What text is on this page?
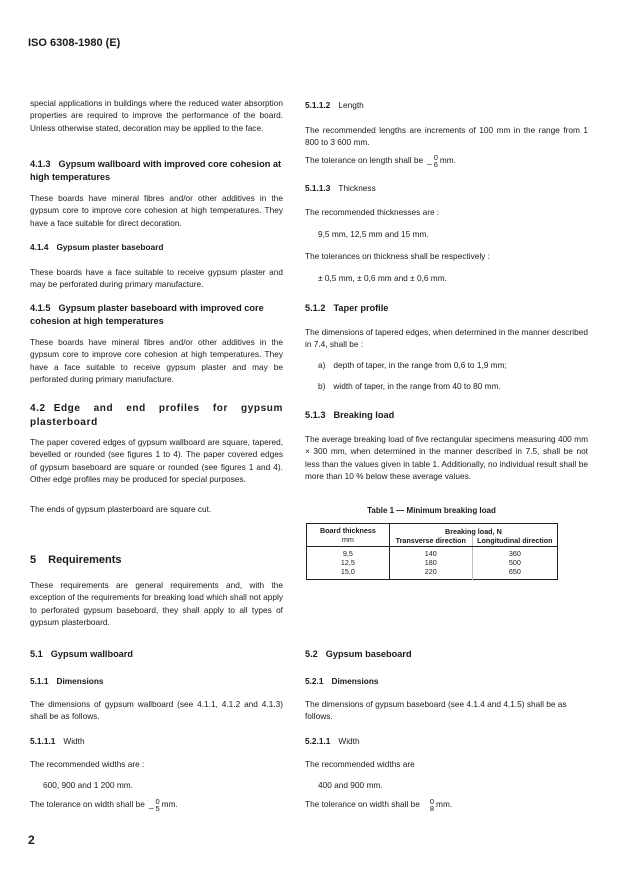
ISO 6308-1980 (E)
special applications in buildings where the reduced water absorption properties are required to improve the performance of the board. Unless otherwise stated, decoration may be applied to the face.
4.1.3 Gypsum wallboard with improved core cohesion at high temperatures
These boards have mineral fibres and/or other additives in the gypsum core to improve core cohesion at high temperatures. They have a face suitable for direct decoration.
4.1.4 Gypsum plaster baseboard
These boards have a face suitable to receive gypsum plaster and may be perforated during primary manufacture.
4.1.5 Gypsum plaster baseboard with improved core cohesion at high temperatures
These boards have mineral fibres and/or other additives in the gypsum core to improve core cohesion at high temperatures. They have a face suitable to receive gypsum plaster and may be perforated during primary manufacture.
4.2 Edge and end profiles for gypsum plasterboard
The paper covered edges of gypsum wallboard are square, tapered, bevelled or rounded (see figures 1 to 4). The paper covered edges of gypsum baseboard are square or rounded (see figures 1 and 4). Other edge profiles may be produced for special purposes.
The ends of gypsum plasterboard are square cut.
5 Requirements
These requirements are general requirements and, with the exception of the requirements for breaking load which shall not apply to perforated gypsum baseboard, they shall apply to all types of gypsum plasterboard.
5.1 Gypsum wallboard
5.1.1 Dimensions
The dimensions of gypsum wallboard (see 4.1.1, 4.1.2 and 4.1.3) shall be as follows.
5.1.1.1 Width
The recommended widths are :
600, 900 and 1 200 mm.
The tolerance on width shall be _ 0
5 mm.
2
5.1.1.2 Length
The recommended lengths are increments of 100 mm in the range from 1 800 to 3 600 mm.
The tolerance on length shall be _ 0
6 mm.
5.1.1.3 Thickness
The recommended thicknesses are :
9,5 mm, 12,5 mm and 15 mm.
The tolerances on thickness shall be respectively :
± 0,5 mm, ± 0,6 mm and ± 0,6 mm.
5.1.2 Taper profile
The dimensions of tapered edges, when determined in the manner described in 7.4, shall be :
a) depth of taper, in the range from 0,6 to 1,9 mm;
b) width of taper, in the range from 40 to 80 mm.
5.1.3 Breaking load
The average breaking load of five rectangular specimens measuring 400 mm × 300 mm, when determined in the manner described in 7.5, shall be not less than the values given in table 1. Additionally, no individual result shall be more than 10 % below these average values.
Table 1 — Minimum breaking load
Board thickness
mm	Breaking load, N	
	Transverse direction	Longitudinal direction
9,5	140	360
12,5	180	500
15,0	220	650
5.2 Gypsum baseboard
5.2.1 Dimensions
The dimensions of gypsum baseboard (see 4.1.4 and 4.1.5) shall be as follows.
5.2.1.1 Width
The recommended widths are
400 and 900 mm.
The tolerance on width shall be 0
8 mm.
